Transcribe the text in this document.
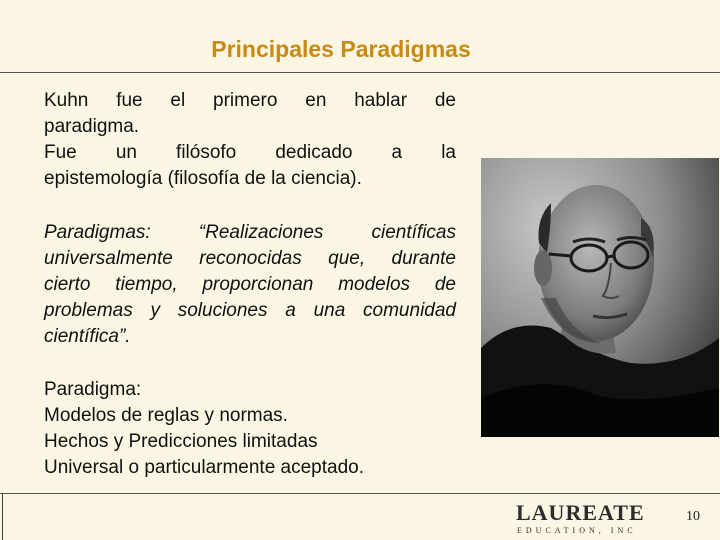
Principales Paradigmas
Kuhn fue el primero en hablar de
paradigma.
Fue un filósofo dedicado a la
epistemología (filosofía de la ciencia).
Paradigmas: “Realizaciones científicas
universalmente reconocidas que, durante
cierto tiempo, proporcionan modelos de
problemas y soluciones a una comunidad
científica”.
Paradigma:
Modelos de reglas y normas.
Hechos y Predicciones limitadas
Universal o particularmente aceptado.
LAUREATE
EDUCATION, INC
10
